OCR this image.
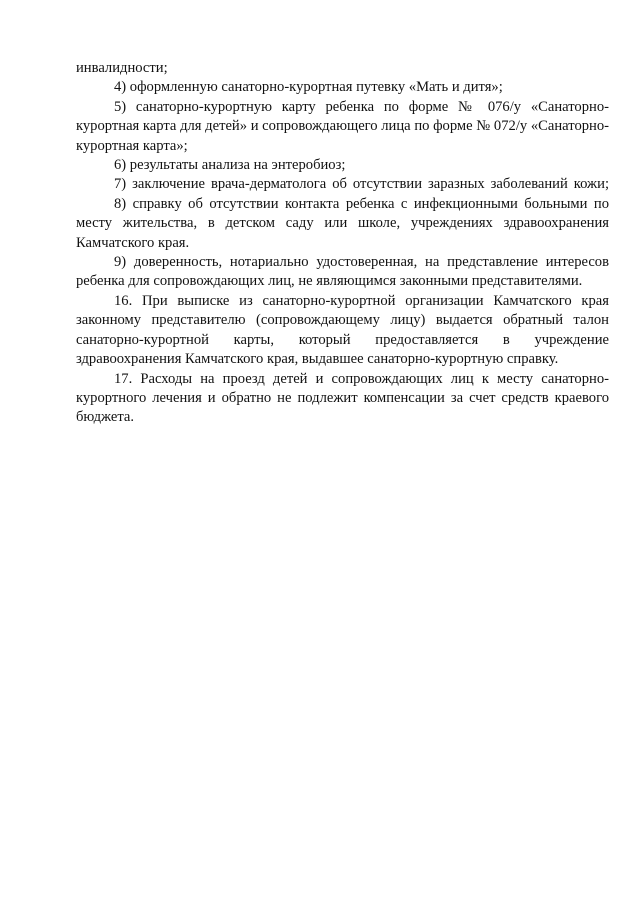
инвалидности;

4) оформленную санаторно-курортная путевку «Мать и дитя»;

5) санаторно-курортную карту ребенка по форме № 076/у «Санаторно-курортная карта для детей» и сопровождающего лица по форме № 072/у «Санаторно-курортная карта»;

6) результаты анализа на энтеробиоз;

7) заключение врача-дерматолога об отсутствии заразных заболеваний кожи;

8) справку об отсутствии контакта ребенка с инфекционными больными по месту жительства, в детском саду или школе, учреждениях здравоохранения Камчатского края.

9) доверенность, нотариально удостоверенная, на представление интересов ребенка для сопровождающих лиц, не являющимся законными представителями.

16. При выписке из санаторно-курортной организации Камчатского края законному представителю (сопровождающему лицу) выдается обратный талон санаторно-курортной карты, который предоставляется в учреждение здравоохранения Камчатского края, выдавшее санаторно-курортную справку.

17. Расходы на проезд детей и сопровождающих лиц к месту санаторно-курортного лечения и обратно не подлежит компенсации за счет средств краевого бюджета.
